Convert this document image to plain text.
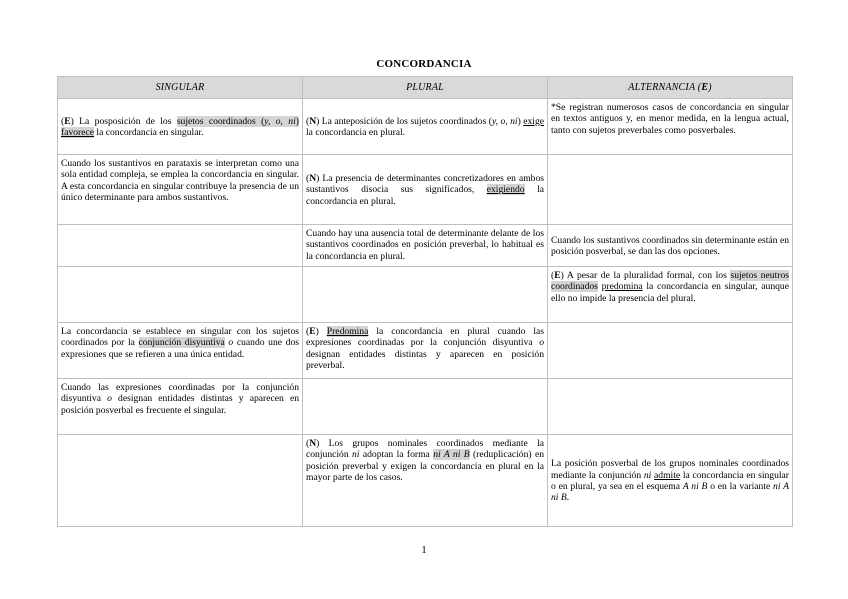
CONCORDANCIA
SINGULAR	PLURAL	ALTERNANCIA (E)
(E) La posposición de los sujetos coordinados (y, o, ni) favorece la concordancia en singular.	(N) La anteposición de los sujetos coordinados (y, o, ni) exige la concordancia en plural.	*Se registran numerosos casos de concordancia en singular en textos antiguos y, en menor medida, en la lengua actual, tanto con sujetos preverbales como posverbales.
Cuando los sustantivos en parataxis se interpretan como una sola entidad compleja, se emplea la concordancia en singular. A esta concordancia en singular contribuye la presencia de un único determinante para ambos sustantivos.	(N) La presencia de determinantes concretizadores en ambos sustantivos disocia sus significados, exigiendo la concordancia en plural.	
	Cuando hay una ausencia total de determinante delante de los sustantivos coordinados en posición preverbal, lo habitual es la concordancia en plural.	Cuando los sustantivos coordinados sin determinante están en posición posverbal, se dan las dos opciones.
		(E) A pesar de la pluralidad formal, con los sujetos neutros coordinados predomina la concordancia en singular, aunque ello no impide la presencia del plural.
La concordancia se establece en singular con los sujetos coordinados por la conjunción disyuntiva o cuando une dos expresiones que se refieren a una única entidad.	(E) Predomina la concordancia en plural cuando las expresiones coordinadas por la conjunción disyuntiva o designan entidades distintas y aparecen en posición preverbal.	
Cuando las expresiones coordinadas por la conjunción disyuntiva o designan entidades distintas y aparecen en posición posverbal es frecuente el singular.		
	(N) Los grupos nominales coordinados mediante la conjunción ni adoptan la forma ni A ni B (reduplicación) en posición preverbal y exigen la concordancia en plural en la mayor parte de los casos.	La posición posverbal de los grupos nominales coordinados mediante la conjunción ni admite la concordancia en singular o en plural, ya sea en el esquema A ni B o en la variante ni A ni B.
1
